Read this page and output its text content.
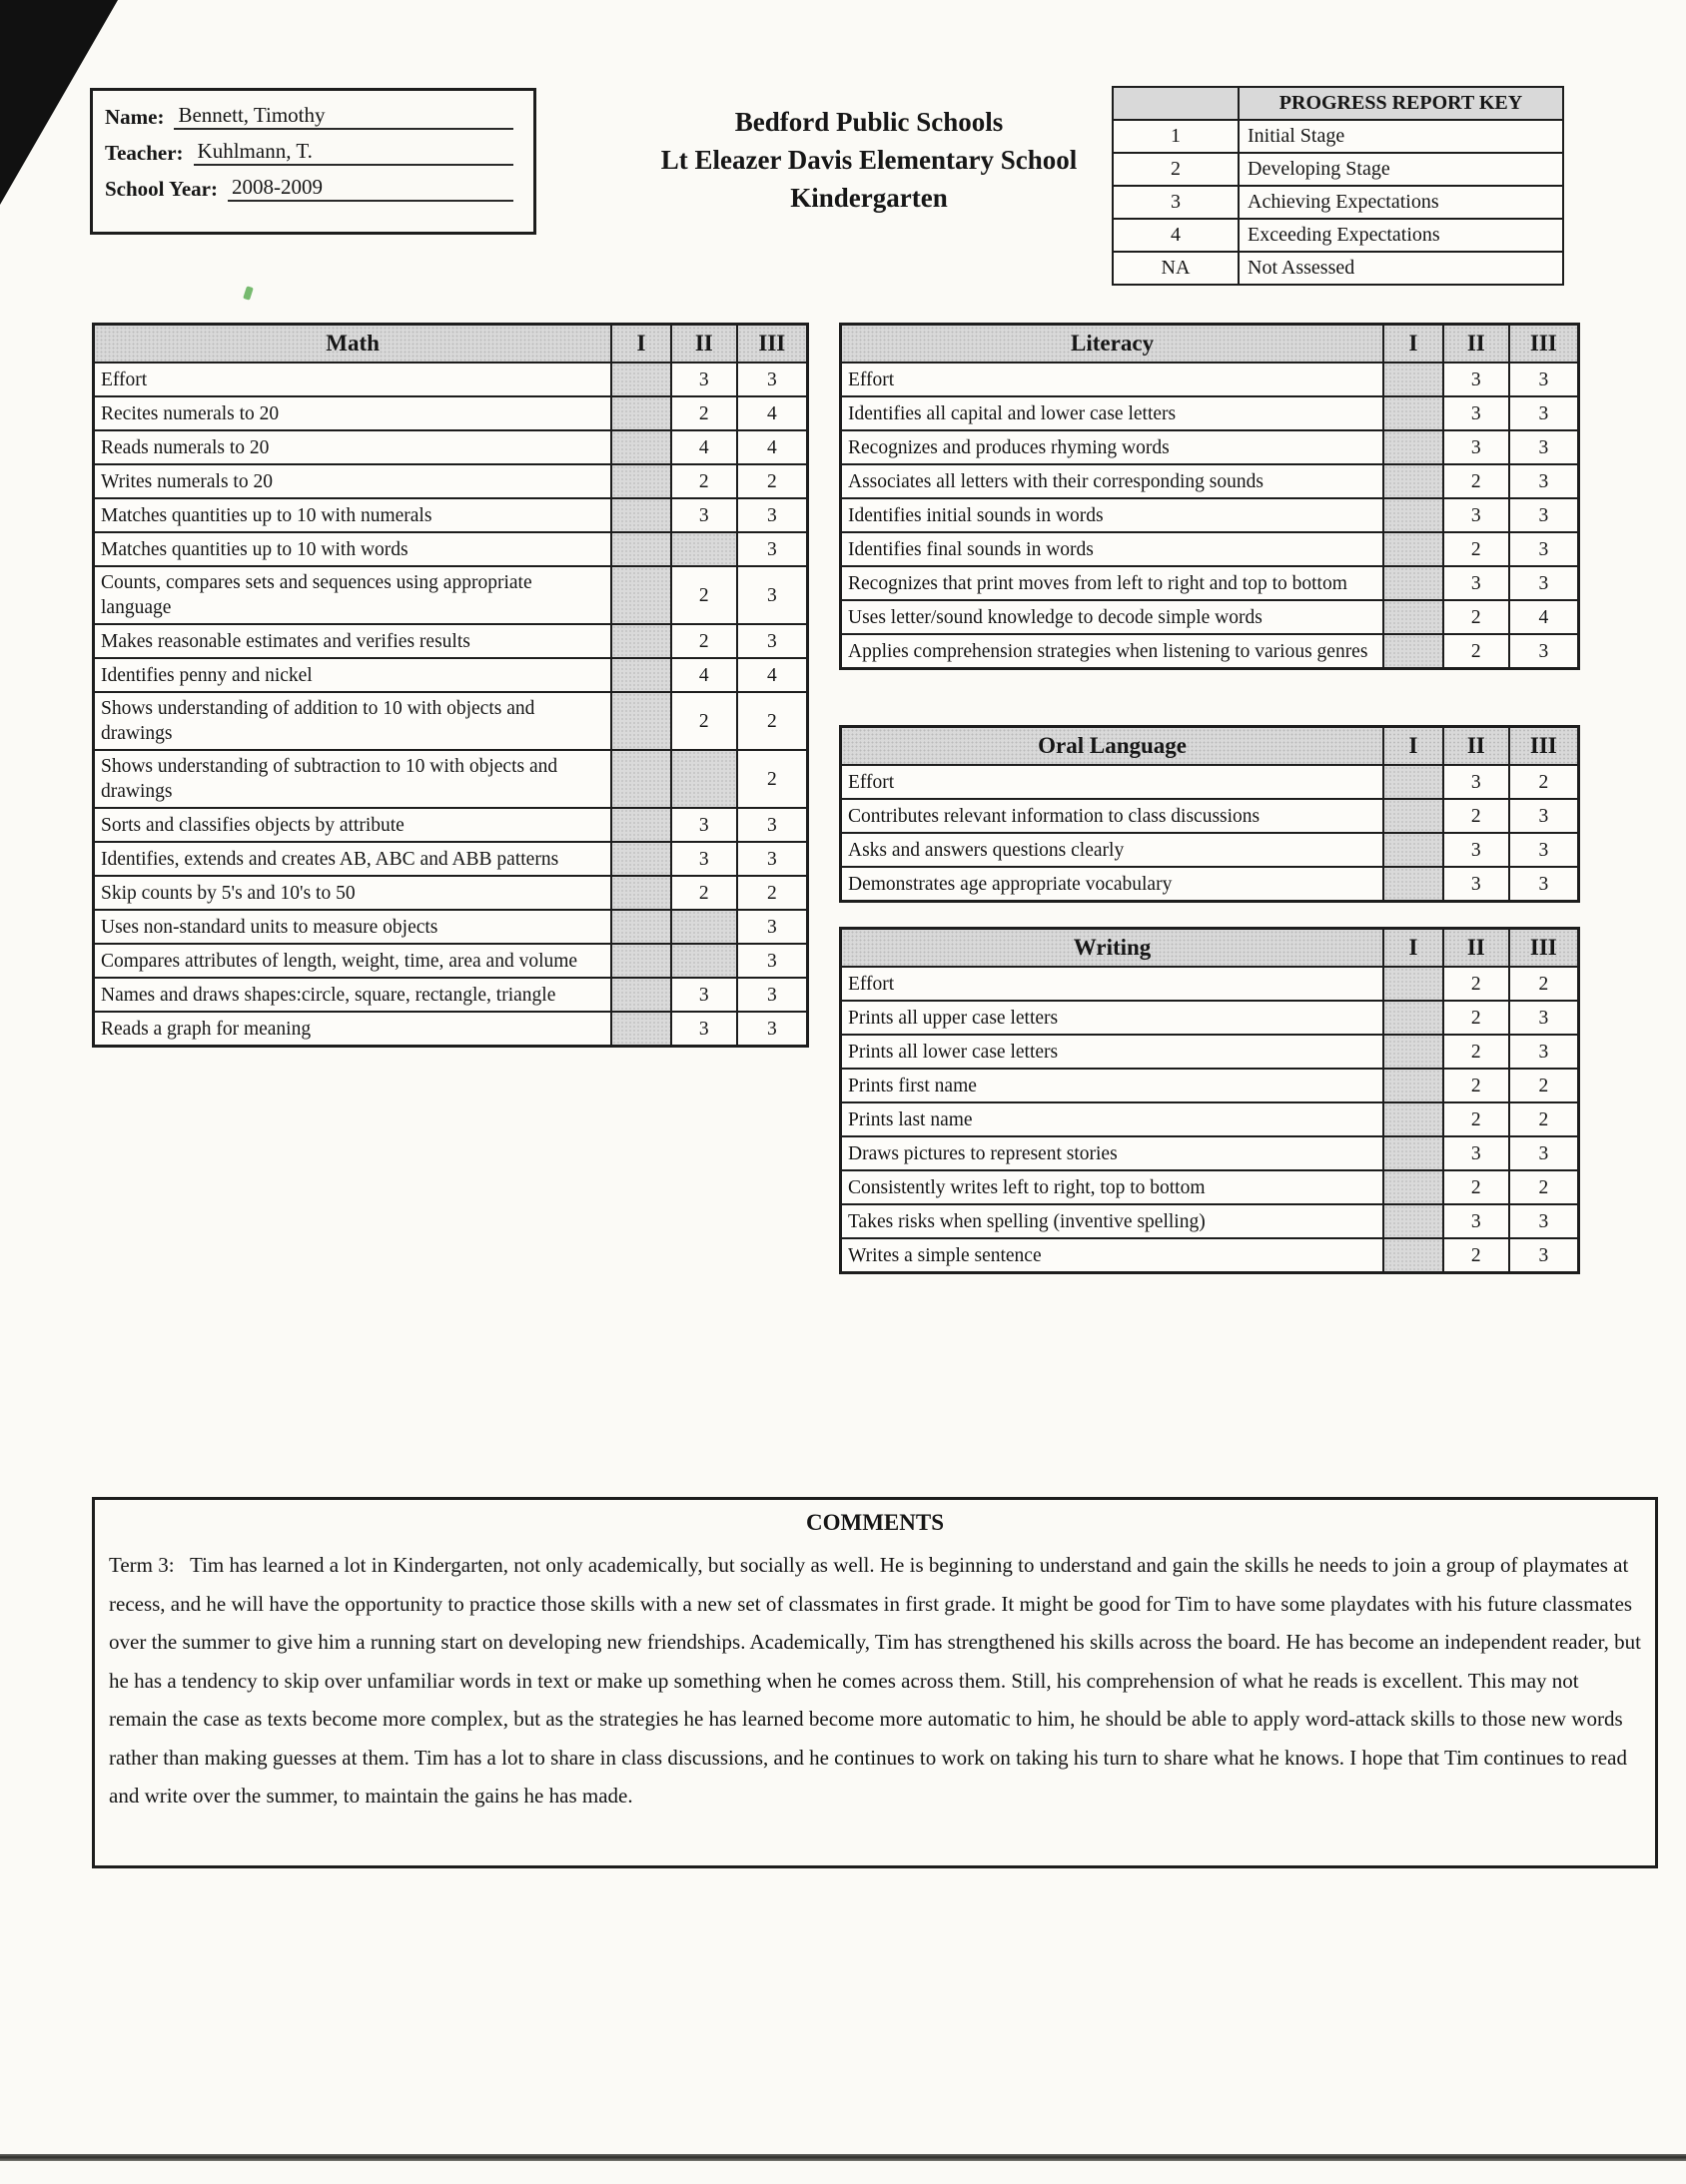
Name: Bennett, Timothy
Teacher: Kuhlmann, T.
School Year: 2008-2009
Bedford Public Schools
Lt Eleazer Davis Elementary School
Kindergarten
	PROGRESS REPORT KEY
1	Initial Stage
2	Developing Stage
3	Achieving Expectations
4	Exceeding Expectations
NA	Not Assessed
Math	I	II	III
Effort		3	3
Recites numerals to 20		2	4
Reads numerals to 20		4	4
Writes numerals to 20		2	2
Matches quantities up to 10 with numerals		3	3
Matches quantities up to 10 with words			3
Counts, compares sets and sequences using appropriate language		2	3
Makes reasonable estimates and verifies results		2	3
Identifies penny and nickel		4	4
Shows understanding of addition to 10 with objects and drawings		2	2
Shows understanding of subtraction to 10 with objects and drawings			2
Sorts and classifies objects by attribute		3	3
Identifies, extends and creates AB, ABC and ABB patterns		3	3
Skip counts by 5's and 10's to 50		2	2
Uses non-standard units to measure objects			3
Compares attributes of length, weight, time, area and volume			3
Names and draws shapes:circle, square, rectangle, triangle		3	3
Reads a graph for meaning		3	3
Literacy	I	II	III
Effort		3	3
Identifies all capital and lower case letters		3	3
Recognizes and produces rhyming words		3	3
Associates all letters with their corresponding sounds		2	3
Identifies initial sounds in words		3	3
Identifies final sounds in words		2	3
Recognizes that print moves from left to right and top to bottom		3	3
Uses letter/sound knowledge to decode simple words		2	4
Applies comprehension strategies when listening to various genres		2	3
Oral Language	I	II	III
Effort		3	2
Contributes relevant information to class discussions		2	3
Asks and answers questions clearly		3	3
Demonstrates age appropriate vocabulary		3	3
Writing	I	II	III
Effort		2	2
Prints all upper case letters		2	3
Prints all lower case letters		2	3
Prints first name		2	2
Prints last name		2	2
Draws pictures to represent stories		3	3
Consistently writes left to right, top to bottom		2	2
Takes risks when spelling (inventive spelling)		3	3
Writes a simple sentence		2	3
COMMENTS

Term 3: Tim has learned a lot in Kindergarten, not only academically, but socially as well. He is beginning to understand and gain the skills he needs to join a group of playmates at recess, and he will have the opportunity to practice those skills with a new set of classmates in first grade. It might be good for Tim to have some playdates with his future classmates over the summer to give him a running start on developing new friendships. Academically, Tim has strengthened his skills across the board. He has become an independent reader, but he has a tendency to skip over unfamiliar words in text or make up something when he comes across them. Still, his comprehension of what he reads is excellent. This may not remain the case as texts become more complex, but as the strategies he has learned become more automatic to him, he should be able to apply word-attack skills to those new words rather than making guesses at them. Tim has a lot to share in class discussions, and he continues to work on taking his turn to share what he knows. I hope that Tim continues to read and write over the summer, to maintain the gains he has made.
